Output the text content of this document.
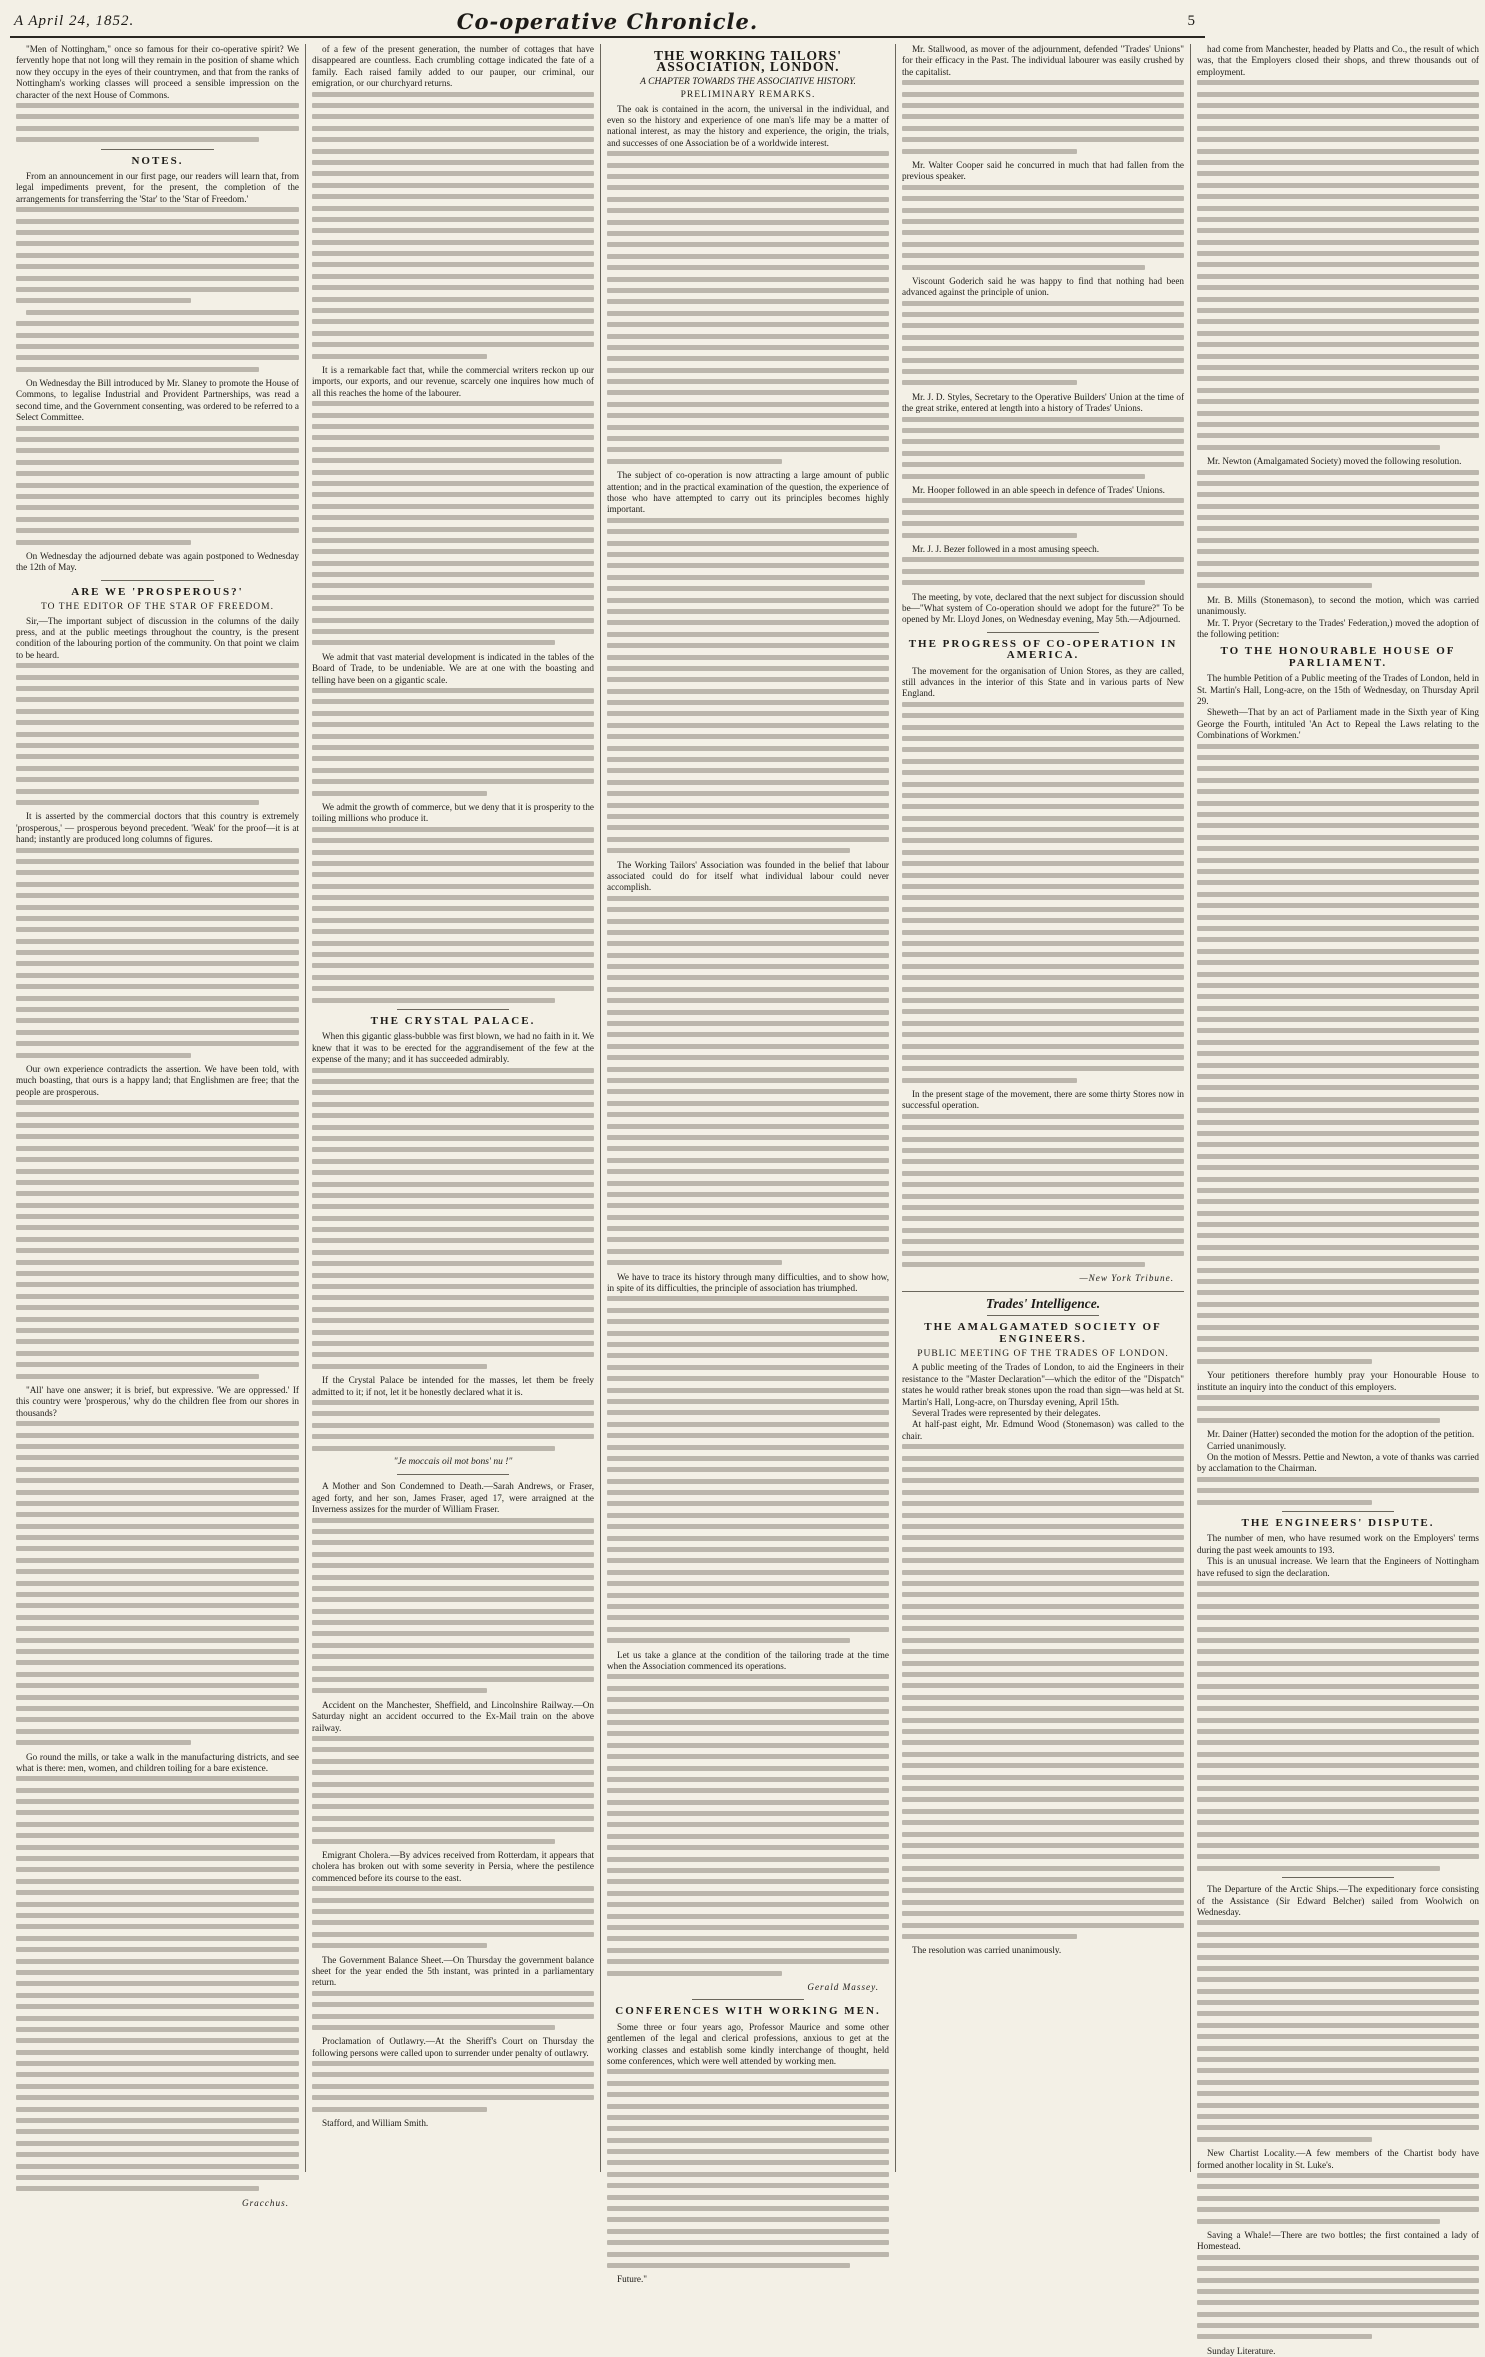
A April 24, 1852.	Co-operative Chronicle.	5

"Men of Nottingham," once so famous for their co-operative spirit? We fervently hope that not long will they remain in the position of shame which now they occupy in the eyes of their countrymen, and that from the ranks of Nottingham's working classes will proceed a sensible impression on the character of the next House of Commons.

NOTES.

From an announcement in our first page, our readers will learn that, from legal impediments prevent, for the present, the completion of the arrangements for transferring the 'Star' to the 'Star of Freedom.'

On Wednesday the Bill introduced by Mr. Slaney to promote the House of Commons, to legalise Industrial and Provident Partnerships, was read a second time, and the Government consenting, was ordered to be referred to a Select Committee.

On Wednesday the adjourned debate was again postponed to Wednesday the 12th of May.

ARE WE 'PROSPEROUS?'
TO THE EDITOR OF THE STAR OF FREEDOM.

Sir,—The important subject of discussion in the columns of the daily press, and at the public meetings throughout the country, is the present condition of the labouring portion of the community. On that point we claim to be heard.

It is asserted by the commercial doctors that this country is extremely 'prosperous,' — prosperous beyond precedent. 'Weak' for the proof—it is at hand; instantly are produced long columns of figures.

Our own experience contradicts the assertion. We have been told, with much boasting, that ours is a happy land; that Englishmen are free; that the people are prosperous.

"All' have one answer; it is brief, but expressive. 'We are oppressed.' If this country were 'prosperous,' why do the children flee from our shores in thousands?

Go round the mills, or take a walk in the manufacturing districts, and see what is there: men, women, and children toiling for a bare existence.

Gracchus.

of a few of the present generation, the number of cottages that have disappeared are countless. Each crumbling cottage indicated the fate of a family. Each raised family added to our pauper, our criminal, our emigration, or our churchyard returns.

It is a remarkable fact that, while the commercial writers reckon up our imports, our exports, and our revenue, scarcely one inquires how much of all this reaches the home of the labourer.

We admit that vast material development is indicated in the tables of the Board of Trade, to be undeniable. We are at one with the boasting and telling have been on a gigantic scale.

We admit the growth of commerce, but we deny that it is prosperity to the toiling millions who produce it.

THE CRYSTAL PALACE.

When this gigantic glass-bubble was first blown, we had no faith in it. We knew that it was to be erected for the aggrandisement of the few at the expense of the many; and it has succeeded admirably.

If the Crystal Palace be intended for the masses, let them be freely admitted to it; if not, let it be honestly declared what it is.

"Je moccais oil mot bons' nu !"

A Mother and Son Condemned to Death.—Sarah Andrews, or Fraser, aged forty, and her son, James Fraser, aged 17, were arraigned at the Inverness assizes for the murder of William Fraser.

Accident on the Manchester, Sheffield, and Lincolnshire Railway.—On Saturday night an accident occurred to the Ex-Mail train on the above railway.

Emigrant Cholera.—By advices received from Rotterdam, it appears that cholera has broken out with some severity in Persia, where the pestilence commenced before its course to the east.

The Government Balance Sheet.—On Thursday the government balance sheet for the year ended the 5th instant, was printed in a parliamentary return.

Proclamation of Outlawry.—At the Sheriff's Court on Thursday the following persons were called upon to surrender under penalty of outlawry.

Stafford, and William Smith.

THE WORKING TAILORS' ASSOCIATION, LONDON.
A CHAPTER TOWARDS THE ASSOCIATIVE HISTORY.
PRELIMINARY REMARKS.

The oak is contained in the acorn, the universal in the individual, and even so the history and experience of one man's life may be a matter of national interest, as may the history and experience, the origin, the trials, and successes of one Association be of a worldwide interest.

The subject of co-operation is now attracting a large amount of public attention; and in the practical examination of the question, the experience of those who have attempted to carry out its principles becomes highly important.

The Working Tailors' Association was founded in the belief that labour associated could do for itself what individual labour could never accomplish.

We have to trace its history through many difficulties, and to show how, in spite of its difficulties, the principle of association has triumphed.

Let us take a glance at the condition of the tailoring trade at the time when the Association commenced its operations.

Gerald Massey.
CONFERENCES WITH WORKING MEN.

Some three or four years ago, Professor Maurice and some other gentlemen of the legal and clerical professions, anxious to get at the working classes and establish some kindly interchange of thought, held some conferences, which were well attended by working men.

Future."

Mr. Stallwood, as mover of the adjournment, defended "Trades' Unions" for their efficacy in the Past. The individual labourer was easily crushed by the capitalist.

Mr. Walter Cooper said he concurred in much that had fallen from the previous speaker.

Viscount Goderich said he was happy to find that nothing had been advanced against the principle of union.

Mr. J. D. Styles, Secretary to the Operative Builders' Union at the time of the great strike, entered at length into a history of Trades' Unions.

Mr. Hooper followed in an able speech in defence of Trades' Unions.

Mr. J. J. Bezer followed in a most amusing speech.

The meeting, by vote, declared that the next subject for discussion should be—"What system of Co-operation should we adopt for the future?" To be opened by Mr. Lloyd Jones, on Wednesday evening, May 5th.—Adjourned.

THE PROGRESS OF CO-OPERATION IN AMERICA.

The movement for the organisation of Union Stores, as they are called, still advances in the interior of this State and in various parts of New England.

In the present stage of the movement, there are some thirty Stores now in successful operation.

—New York Tribune.
Trades' Intelligence.
THE AMALGAMATED SOCIETY OF ENGINEERS.
PUBLIC MEETING OF THE TRADES OF LONDON.

A public meeting of the Trades of London, to aid the Engineers in their resistance to the "Master Declaration"—which the editor of the "Dispatch" states he would rather break stones upon the road than sign—was held at St. Martin's Hall, Long-acre, on Thursday evening, April 15th.

Several Trades were represented by their delegates.

At half-past eight, Mr. Edmund Wood (Stonemason) was called to the chair.

The resolution was carried unanimously.

had come from Manchester, headed by Platts and Co., the result of which was, that the Employers closed their shops, and threw thousands out of employment.

Mr. Newton (Amalgamated Society) moved the following resolution.

Mr. B. Mills (Stonemason), to second the motion, which was carried unanimously.

Mr. T. Pryor (Secretary to the Trades' Federation,) moved the adoption of the following petition:

TO THE HONOURABLE HOUSE OF PARLIAMENT.

The humble Petition of a Public meeting of the Trades of London, held in St. Martin's Hall, Long-acre, on the 15th of Wednesday, on Thursday April 29.

Sheweth—That by an act of Parliament made in the Sixth year of King George the Fourth, intituled 'An Act to Repeal the Laws relating to the Combinations of Workmen.'

Your petitioners therefore humbly pray your Honourable House to institute an inquiry into the conduct of this employers.

Mr. Dainer (Hatter) seconded the motion for the adoption of the petition.

Carried unanimously.

On the motion of Messrs. Pettie and Newton, a vote of thanks was carried by acclamation to the Chairman.

THE ENGINEERS' DISPUTE.

The number of men, who have resumed work on the Employers' terms during the past week amounts to 193.

This is an unusual increase. We learn that the Engineers of Nottingham have refused to sign the declaration.

The Departure of the Arctic Ships.—The expeditionary force consisting of the Assistance (Sir Edward Belcher) sailed from Woolwich on Wednesday.

New Chartist Locality.—A few members of the Chartist body have formed another locality in St. Luke's.

Saving a Whale!—There are two bottles; the first contained a lady of Homestead.

Sunday Literature.
